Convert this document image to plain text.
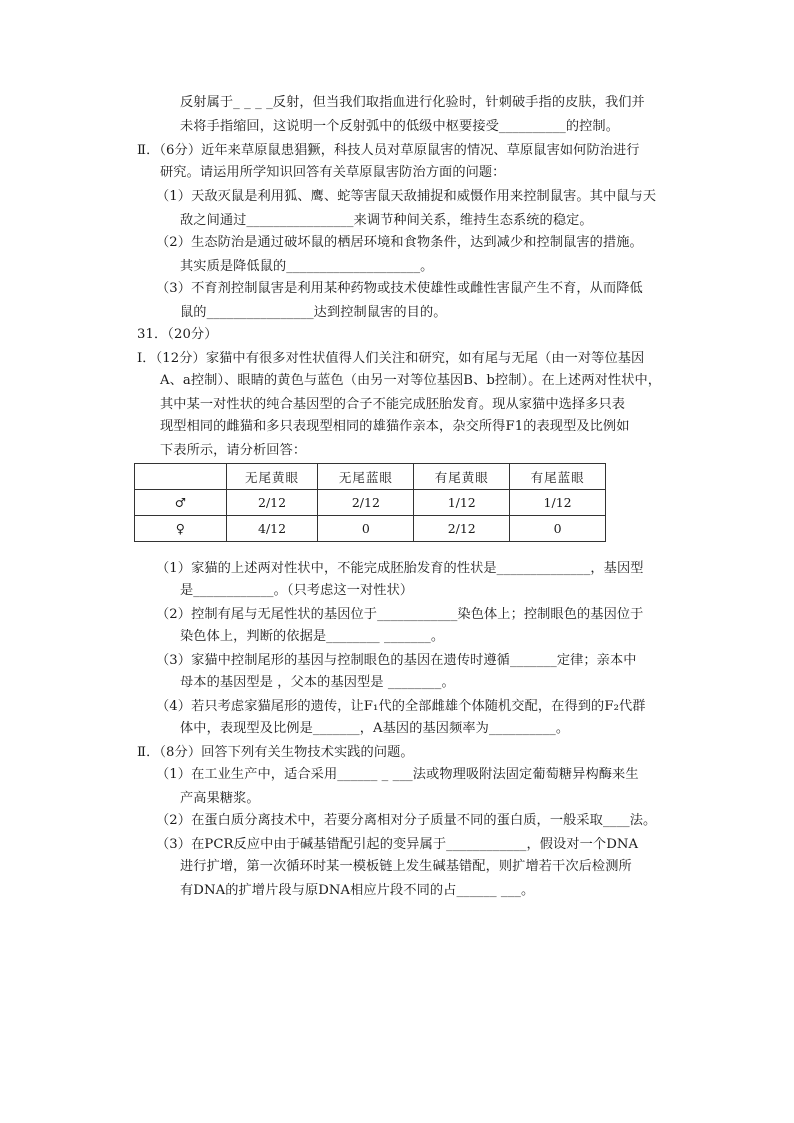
反射属于_ _ _ _反射，但当我们取指血进行化验时，针刺破手指的皮肤，我们并
未将手指缩回，这说明一个反射弧中的低级中枢要接受__________的控制。
Ⅱ．（6分）近年来草原鼠患猖獗，科技人员对草原鼠害的情况、草原鼠害如何防治进行
研究。请运用所学知识回答有关草原鼠害防治方面的问题：
（1）天敌灭鼠是利用狐、鹰、蛇等害鼠天敌捕捉和威慑作用来控制鼠害。其中鼠与天
敌之间通过________________来调节种间关系，维持生态系统的稳定。
（2）生态防治是通过破坏鼠的栖居环境和食物条件，达到减少和控制鼠害的措施。
其实质是降低鼠的____________________。
（3）不育剂控制鼠害是利用某种药物或技术使雄性或雌性害鼠产生不育，从而降低
鼠的________________达到控制鼠害的目的。
31．（20分）
Ⅰ．（12分）家猫中有很多对性状值得人们关注和研究，如有尾与无尾（由一对等位基因
A、a控制）、眼睛的黄色与蓝色（由另一对等位基因B、b控制）。在上述两对性状中，
其中某一对性状的纯合基因型的合子不能完成胚胎发育。现从家猫中选择多只表
现型相同的雌猫和多只表现型相同的雄猫作亲本，杂交所得F1的表现型及比例如
下表所示，请分析回答：
	无尾黄眼	无尾蓝眼	有尾黄眼	有尾蓝眼
♂	2/12	2/12	1/12	1/12
♀	4/12	0	2/12	0
（1）家猫的上述两对性状中，不能完成胚胎发育的性状是______________，基因型
是____________。（只考虑这一对性状）
（2）控制有尾与无尾性状的基因位于____________染色体上；控制眼色的基因位于
染色体上，判断的依据是________ _______。
（3）家猫中控制尾形的基因与控制眼色的基因在遗传时遵循_______定律；亲本中
母本的基因型是 ，父本的基因型是 ________。
（4）若只考虑家猫尾形的遗传，让F₁代的全部雌雄个体随机交配，在得到的F₂代群
体中，表现型及比例是_______，A基因的基因频率为__________。
Ⅱ．（8分）回答下列有关生物技术实践的问题。
（1）在工业生产中，适合采用______ _ ___法或物理吸附法固定葡萄糖异构酶来生
产高果糖浆。
（2）在蛋白质分离技术中，若要分离相对分子质量不同的蛋白质，一般采取____法。
（3）在PCR反应中由于碱基错配引起的变异属于____________，假设对一个DNA
进行扩增，第一次循环时某一模板链上发生碱基错配，则扩增若干次后检测所
有DNA的扩增片段与原DNA相应片段不同的占______ ___。
